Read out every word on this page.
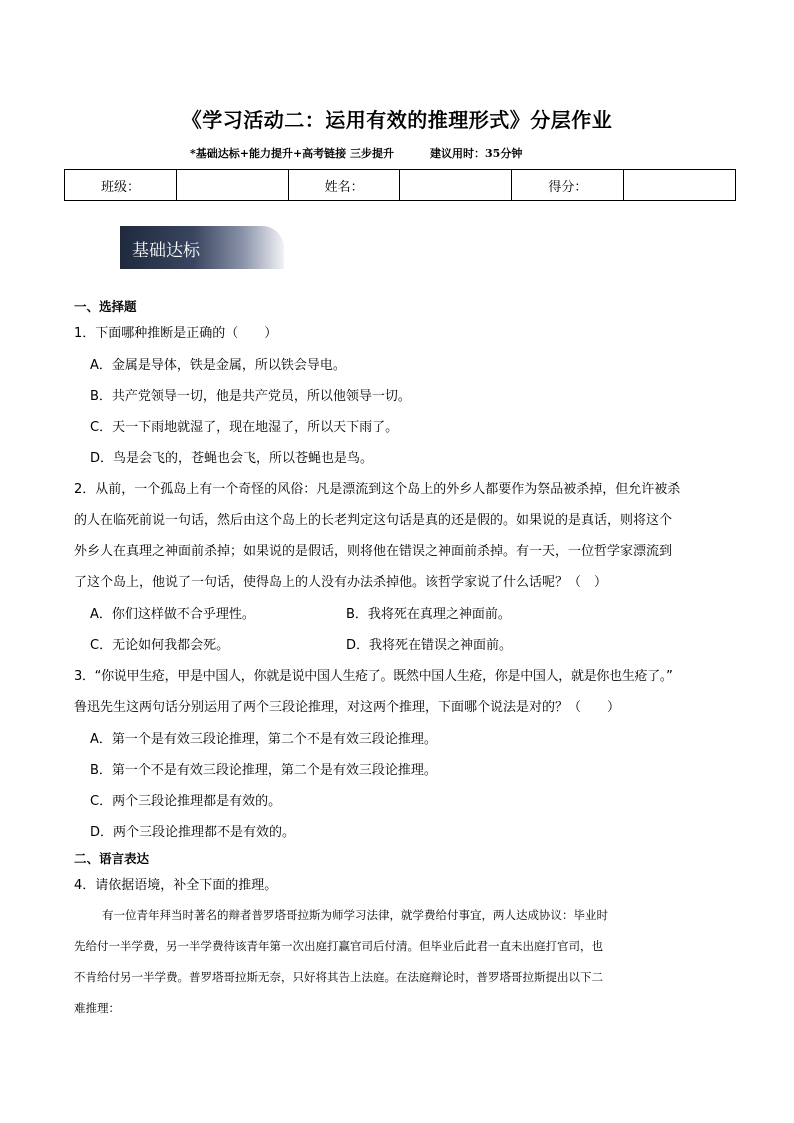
《学习活动二：运用有效的推理形式》分层作业
*基础达标+能力提升+高考链接 三步提升	建议用时：35分钟
班级：		姓名：		得分：	
基础达标
一、选择题
1．下面哪种推断是正确的（　　）
A．金属是导体，铁是金属，所以铁会导电。
B．共产党领导一切，他是共产党员，所以他领导一切。
C．天一下雨地就湿了，现在地湿了，所以天下雨了。
D．鸟是会飞的，苍蝇也会飞，所以苍蝇也是鸟。
2．从前，一个孤岛上有一个奇怪的风俗：凡是漂流到这个岛上的外乡人都要作为祭品被杀掉，但允许被杀
的人在临死前说一句话，然后由这个岛上的长老判定这句话是真的还是假的。如果说的是真话，则将这个
外乡人在真理之神面前杀掉；如果说的是假话，则将他在错误之神面前杀掉。有一天，一位哲学家漂流到
了这个岛上，他说了一句话，使得岛上的人没有办法杀掉他。该哲学家说了什么话呢？（　）
A．你们这样做不合乎理性。	B．我将死在真理之神面前。
C．无论如何我都会死。	D．我将死在错误之神面前。
3．“你说甲生疮，甲是中国人，你就是说中国人生疮了。既然中国人生疮，你是中国人，就是你也生疮了。”
鲁迅先生这两句话分别运用了两个三段论推理，对这两个推理，下面哪个说法是对的？（　　）
A．第一个是有效三段论推理，第二个不是有效三段论推理。
B．第一个不是有效三段论推理，第二个是有效三段论推理。
C．两个三段论推理都是有效的。
D．两个三段论推理都不是有效的。
二、语言表达
4．请依据语境，补全下面的推理。
有一位青年拜当时著名的辩者普罗塔哥拉斯为师学习法律，就学费给付事宜，两人达成协议：毕业时
先给付一半学费，另一半学费待该青年第一次出庭打赢官司后付清。但毕业后此君一直未出庭打官司，也
不肯给付另一半学费。普罗塔哥拉斯无奈，只好将其告上法庭。在法庭辩论时，普罗塔哥拉斯提出以下二
难推理：
